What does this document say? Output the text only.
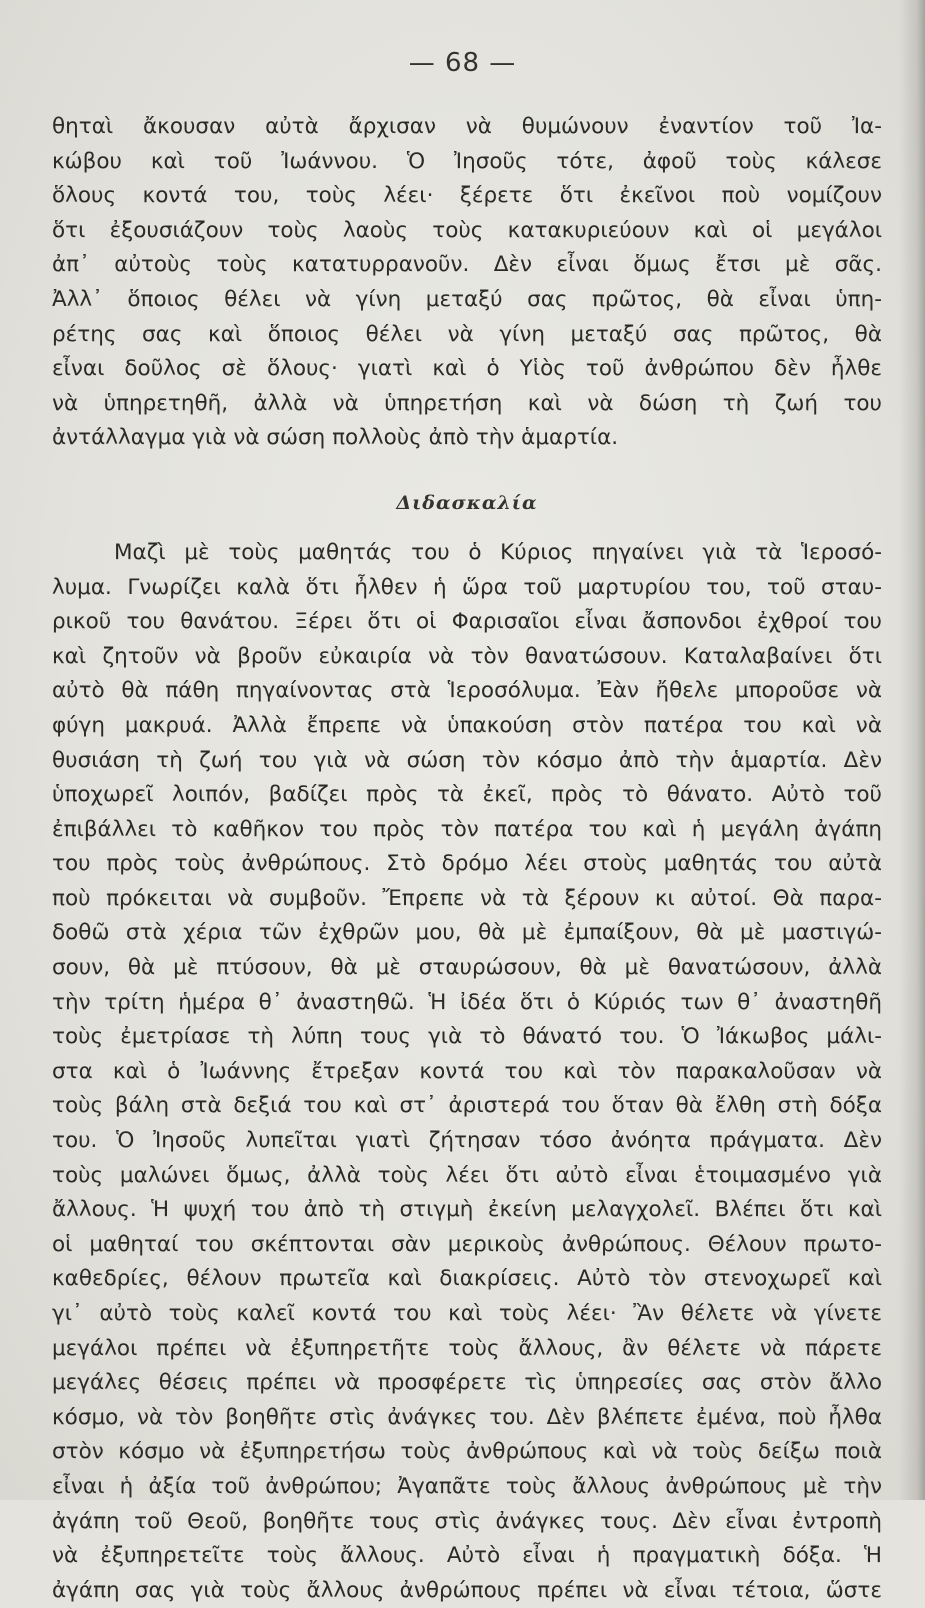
— 68 —
θηταὶ ἄκουσαν αὐτὰ ἄρχισαν νὰ θυμώνουν ἐναντίον τοῦ Ἰα-
κώβου καὶ τοῦ Ἰωάννου. Ὁ Ἰησοῦς τότε, ἀφοῦ τοὺς κάλεσε
ὅλους κοντά του, τοὺς λέει· ξέρετε ὅτι ἐκεῖνοι ποὺ νομίζουν
ὅτι ἐξουσιάζουν τοὺς λαοὺς τοὺς κατακυριεύουν καὶ οἱ μεγάλοι
ἀπ᾽ αὐτοὺς τοὺς κατατυρρανοῦν. Δὲν εἶναι ὅμως ἔτσι μὲ σᾶς.
Ἀλλ᾽ ὅποιος θέλει νὰ γίνη μεταξύ σας πρῶτος, θὰ εἶναι ὑπη-
ρέτης σας καὶ ὅποιος θέλει νὰ γίνη μεταξύ σας πρῶτος, θὰ
εἶναι δοῦλος σὲ ὅλους· γιατὶ καὶ ὁ Υἱὸς τοῦ ἀνθρώπου δὲν ἦλθε
νὰ ὑπηρετηθῆ, ἀλλὰ νὰ ὑπηρετήση καὶ νὰ δώση τὴ ζωή του
ἀντάλλαγμα γιὰ νὰ σώση πολλοὺς ἀπὸ τὴν ἁμαρτία.
Διδασκαλία
Μαζὶ μὲ τοὺς μαθητάς του ὁ Κύριος πηγαίνει γιὰ τὰ Ἱεροσό-
λυμα. Γνωρίζει καλὰ ὅτι ἦλθεν ἡ ὥρα τοῦ μαρτυρίου του, τοῦ σταυ-
ρικοῦ του θανάτου. Ξέρει ὅτι οἱ Φαρισαῖοι εἶναι ἄσπονδοι ἐχθροί του
καὶ ζητοῦν νὰ βροῦν εὐκαιρία νὰ τὸν θανατώσουν. Καταλαβαίνει ὅτι
αὐτὸ θὰ πάθη πηγαίνοντας στὰ Ἱεροσόλυμα. Ἐὰν ἤθελε μποροῦσε νὰ
φύγη μακρυά. Ἀλλὰ ἔπρεπε νὰ ὑπακούση στὸν πατέρα του καὶ νὰ
θυσιάση τὴ ζωή του γιὰ νὰ σώση τὸν κόσμο ἀπὸ τὴν ἁμαρτία. Δὲν
ὑποχωρεῖ λοιπόν, βαδίζει πρὸς τὰ ἐκεῖ, πρὸς τὸ θάνατο. Αὐτὸ τοῦ
ἐπιβάλλει τὸ καθῆκον του πρὸς τὸν πατέρα του καὶ ἡ μεγάλη ἀγάπη
του πρὸς τοὺς ἀνθρώπους. Στὸ δρόμο λέει στοὺς μαθητάς του αὐτὰ
ποὺ πρόκειται νὰ συμβοῦν. Ἔπρεπε νὰ τὰ ξέρουν κι αὐτοί. Θὰ παρα-
δοθῶ στὰ χέρια τῶν ἐχθρῶν μου, θὰ μὲ ἐμπαίξουν, θὰ μὲ μαστιγώ-
σουν, θὰ μὲ πτύσουν, θὰ μὲ σταυρώσουν, θὰ μὲ θανατώσουν, ἀλλὰ
τὴν τρίτη ἡμέρα θ᾽ ἀναστηθῶ. Ἡ ἰδέα ὅτι ὁ Κύριός των θ᾽ ἀναστηθῆ
τοὺς ἐμετρίασε τὴ λύπη τους γιὰ τὸ θάνατό του. Ὁ Ἰάκωβος μάλι-
στα καὶ ὁ Ἰωάννης ἔτρεξαν κοντά του καὶ τὸν παρακαλοῦσαν νὰ
τοὺς βάλη στὰ δεξιά του καὶ στ᾽ ἀριστερά του ὅταν θὰ ἔλθη στὴ δόξα
του. Ὁ Ἰησοῦς λυπεῖται γιατὶ ζήτησαν τόσο ἀνόητα πράγματα. Δὲν
τοὺς μαλώνει ὅμως, ἀλλὰ τοὺς λέει ὅτι αὐτὸ εἶναι ἑτοιμασμένο γιὰ
ἄλλους. Ἡ ψυχή του ἀπὸ τὴ στιγμὴ ἐκείνη μελαγχολεῖ. Βλέπει ὅτι καὶ
οἱ μαθηταί του σκέπτονται σὰν μερικοὺς ἀνθρώπους. Θέλουν πρωτο-
καθεδρίες, θέλουν πρωτεῖα καὶ διακρίσεις. Αὐτὸ τὸν στενοχωρεῖ καὶ
γι᾽ αὐτὸ τοὺς καλεῖ κοντά του καὶ τοὺς λέει· Ἂν θέλετε νὰ γίνετε
μεγάλοι πρέπει νὰ ἐξυπηρετῆτε τοὺς ἄλλους, ἂν θέλετε νὰ πάρετε
μεγάλες θέσεις πρέπει νὰ προσφέρετε τὶς ὑπηρεσίες σας στὸν ἄλλο
κόσμο, νὰ τὸν βοηθῆτε στὶς ἀνάγκες του. Δὲν βλέπετε ἐμένα, ποὺ ἦλθα
στὸν κόσμο νὰ ἐξυπηρετήσω τοὺς ἀνθρώπους καὶ νὰ τοὺς δείξω ποιὰ
εἶναι ἡ ἀξία τοῦ ἀνθρώπου; Ἀγαπᾶτε τοὺς ἄλλους ἀνθρώπους μὲ τὴν
ἀγάπη τοῦ Θεοῦ, βοηθῆτε τους στὶς ἀνάγκες τους. Δὲν εἶναι ἐντροπὴ
νὰ ἐξυπηρετεῖτε τοὺς ἄλλους. Αὐτὸ εἶναι ἡ πραγματικὴ δόξα. Ἡ
ἀγάπη σας γιὰ τοὺς ἄλλους ἀνθρώπους πρέπει νὰ εἶναι τέτοια, ὥστε
